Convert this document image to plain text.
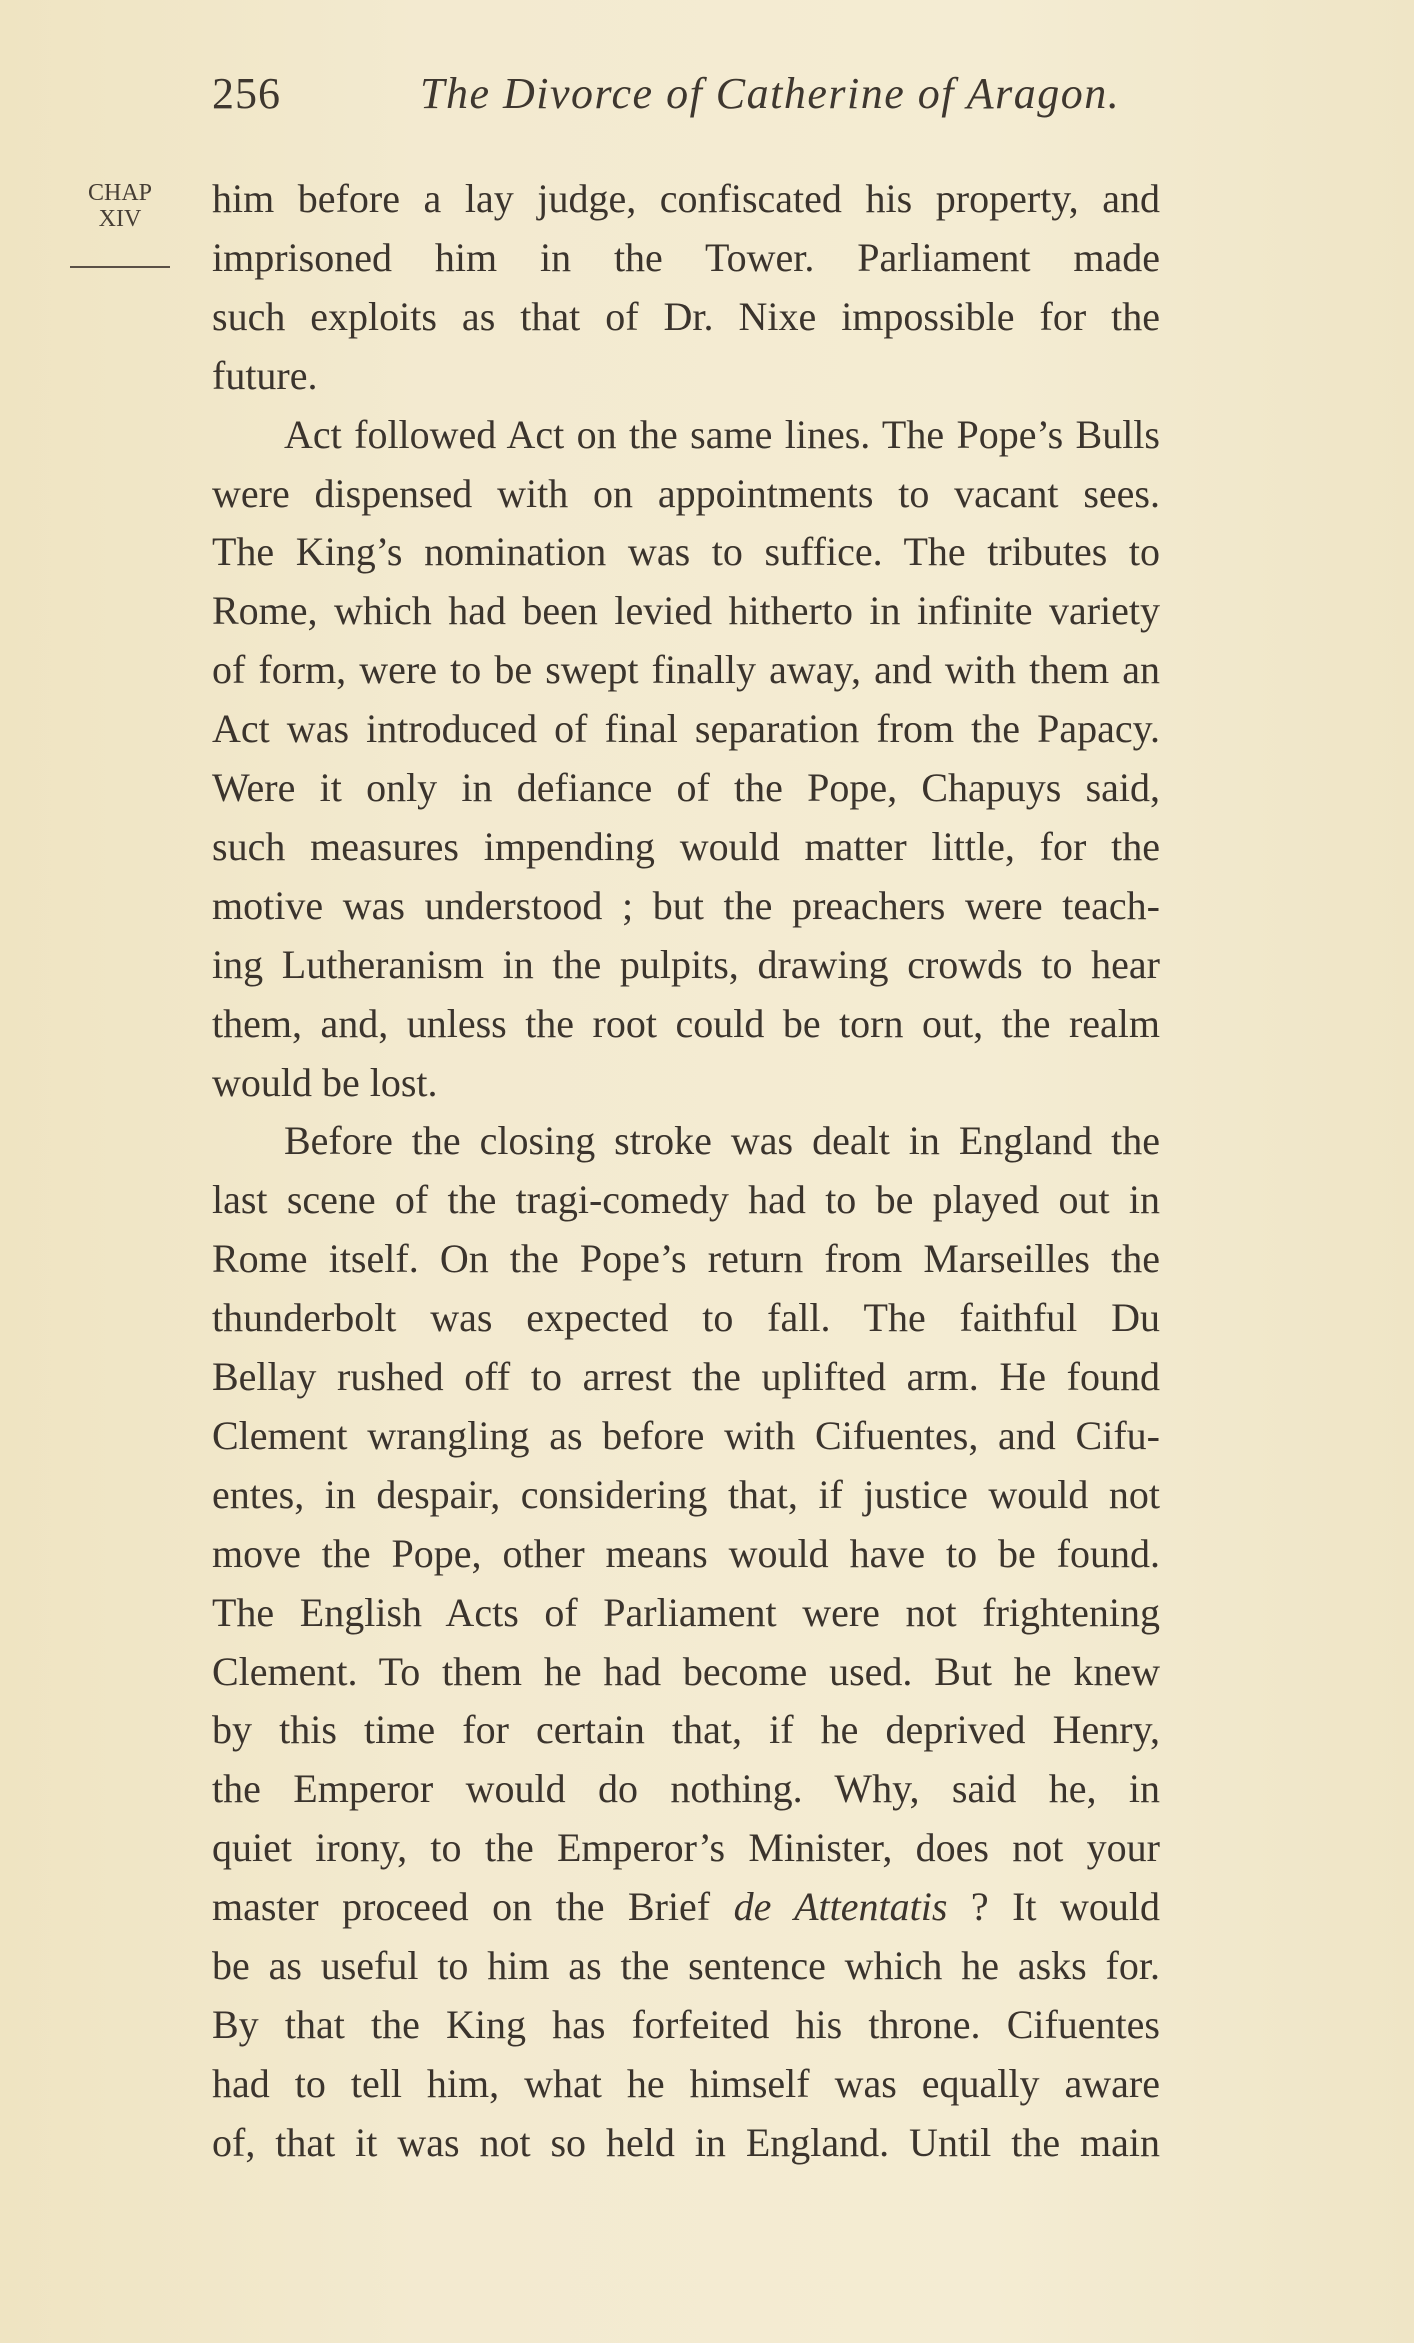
256	The Divorce of Catherine of Aragon.
CHAP
XIV	him before a lay judge, confiscated his property, and
imprisoned him in the Tower. Parliament made
such exploits as that of Dr. Nixe impossible for the
future.
Act followed Act on the same lines. The Pope’s Bulls
were dispensed with on appointments to vacant sees.
The King’s nomination was to suffice. The tributes to
Rome, which had been levied hitherto in infinite variety
of form, were to be swept finally away, and with them an
Act was introduced of final separation from the Papacy.
Were it only in defiance of the Pope, Chapuys said,
such measures impending would matter little, for the
motive was understood ; but the preachers were teach-
ing Lutheranism in the pulpits, drawing crowds to hear
them, and, unless the root could be torn out, the realm
would be lost.
Before the closing stroke was dealt in England the
last scene of the tragi-comedy had to be played out in
Rome itself. On the Pope’s return from Marseilles the
thunderbolt was expected to fall. The faithful Du
Bellay rushed off to arrest the uplifted arm. He found
Clement wrangling as before with Cifuentes, and Cifu-
entes, in despair, considering that, if justice would not
move the Pope, other means would have to be found.
The English Acts of Parliament were not frightening
Clement. To them he had become used. But he knew
by this time for certain that, if he deprived Henry,
the Emperor would do nothing. Why, said he, in
quiet irony, to the Emperor’s Minister, does not your
master proceed on the Brief de Attentatis ? It would
be as useful to him as the sentence which he asks for.
By that the King has forfeited his throne. Cifuentes
had to tell him, what he himself was equally aware
of, that it was not so held in England. Until the main
